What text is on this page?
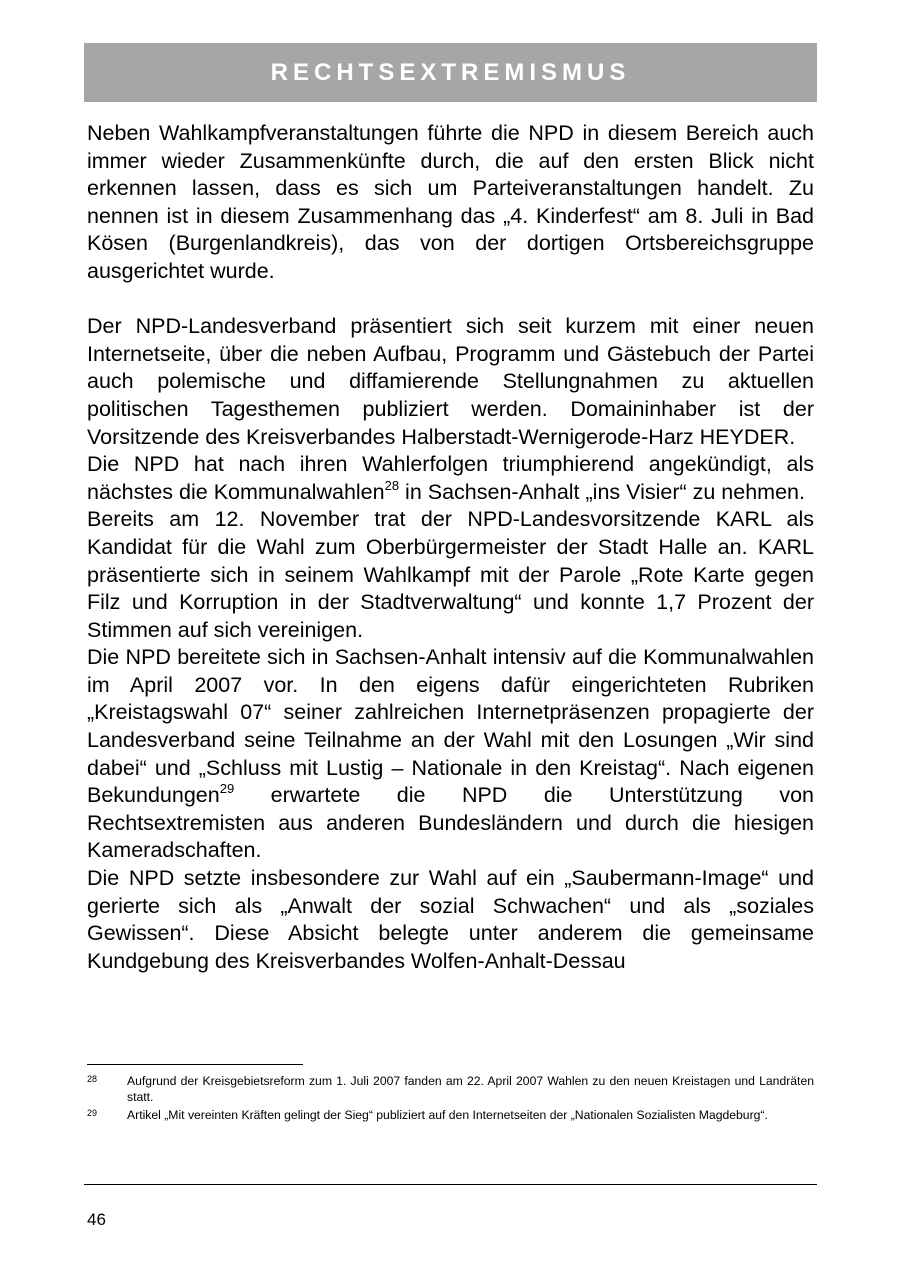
RECHTSEXTREMISMUS

Neben Wahlkampfveranstaltungen führte die NPD in diesem Bereich auch immer wieder Zusammenkünfte durch, die auf den ersten Blick nicht erkennen lassen, dass es sich um Parteiveranstaltungen handelt. Zu nennen ist in diesem Zusammenhang das „4. Kinderfest“ am 8. Juli in Bad Kösen (Burgenlandkreis), das von der dortigen Ortsbereichsgruppe ausgerichtet wurde.

Der NPD-Landesverband präsentiert sich seit kurzem mit einer neuen Internetseite, über die neben Aufbau, Programm und Gästebuch der Partei auch polemische und diffamierende Stellungnahmen zu aktuellen politischen Tagesthemen publiziert werden. Domaininhaber ist der Vorsitzende des Kreisverbandes Halberstadt-Wernigerode-Harz HEYDER.

Die NPD hat nach ihren Wahlerfolgen triumphierend angekündigt, als nächstes die Kommunalwahlen$^{28}$ in Sachsen-Anhalt „ins Visier“ zu nehmen.

Bereits am 12. November trat der NPD-Landesvorsitzende KARL als Kandidat für die Wahl zum Oberbürgermeister der Stadt Halle an. KARL präsentierte sich in seinem Wahlkampf mit der Parole „Rote Karte gegen Filz und Korruption in der Stadtverwaltung“ und konnte 1,7 Prozent der Stimmen auf sich vereinigen.

Die NPD bereitete sich in Sachsen-Anhalt intensiv auf die Kommunalwahlen im April 2007 vor. In den eigens dafür eingerichteten Rubriken „Kreistagswahl 07“ seiner zahlreichen Internetpräsenzen propagierte der Landesverband seine Teilnahme an der Wahl mit den Losungen „Wir sind dabei“ und „Schluss mit Lustig – Nationale in den Kreistag“. Nach eigenen Bekundungen$^{29}$ erwartete die NPD die Unterstützung von Rechtsextremisten aus anderen Bundesländern und durch die hiesigen Kameradschaften.

Die NPD setzte insbesondere zur Wahl auf ein „Saubermann-Image“ und gerierte sich als „Anwalt der sozial Schwachen“ und als „soziales Gewissen“. Diese Absicht belegte unter anderem die gemeinsame Kundgebung des Kreisverbandes Wolfen-Anhalt-Dessau

28	Aufgrund der Kreisgebietsreform zum 1. Juli 2007 fanden am 22. April 2007 Wahlen zu den neuen Kreistagen und Landräten statt.
29	Artikel „Mit vereinten Kräften gelingt der Sieg“ publiziert auf den Internetseiten der „Nationalen Sozialisten Magdeburg“.
46
